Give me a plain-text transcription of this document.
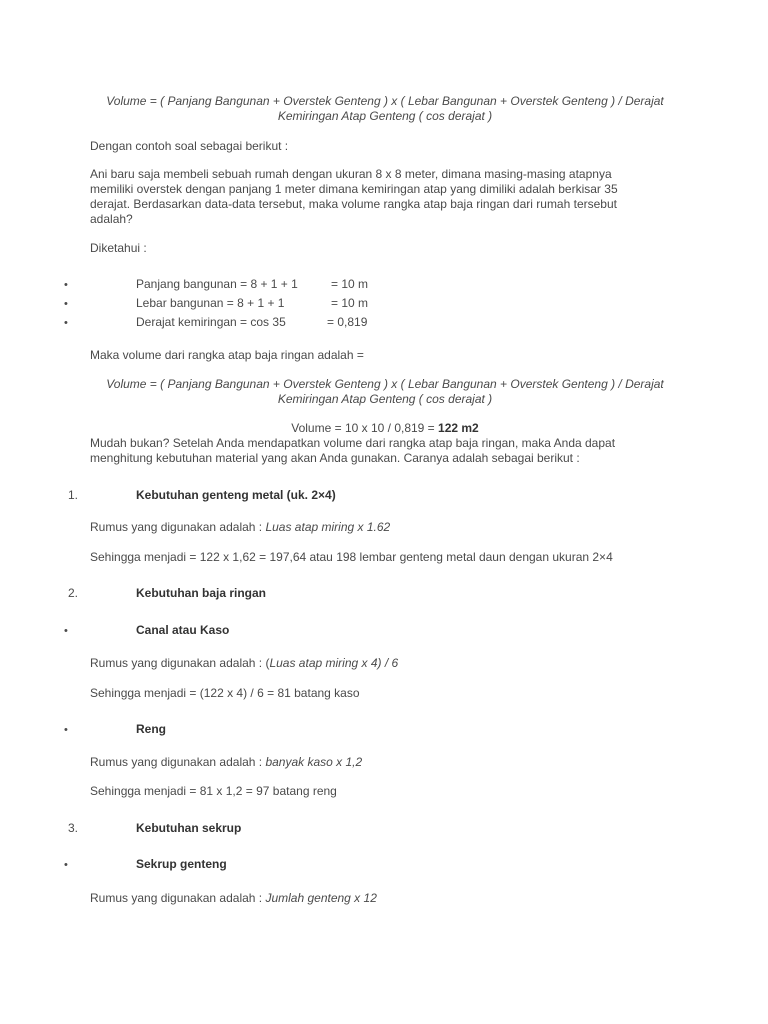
Volume = ( Panjang Bangunan + Overstek Genteng ) x ( Lebar Bangunan + Overstek Genteng ) / Derajat
Kemiringan Atap Genteng ( cos derajat )
Dengan contoh soal sebagai berikut :
Ani baru saja membeli sebuah rumah dengan ukuran 8 x 8 meter, dimana masing-masing atapnya
memiliki overstek dengan panjang 1 meter dimana kemiringan atap yang dimiliki adalah berkisar 35
derajat. Berdasarkan data-data tersebut, maka volume rangka atap baja ringan dari rumah tersebut
adalah?
Diketahui :
•	Panjang bangunan = 8 + 1 + 1	= 10 m
•	Lebar bangunan = 8 + 1 + 1	= 10 m
•	Derajat kemiringan = cos 35	= 0,819
Maka volume dari rangka atap baja ringan adalah =
Volume = ( Panjang Bangunan + Overstek Genteng ) x ( Lebar Bangunan + Overstek Genteng ) / Derajat
Kemiringan Atap Genteng ( cos derajat )
Volume = 10 x 10 / 0,819 = 122 m2
Mudah bukan? Setelah Anda mendapatkan volume dari rangka atap baja ringan, maka Anda dapat
menghitung kebutuhan material yang akan Anda gunakan. Caranya adalah sebagai berikut :
1.	Kebutuhan genteng metal (uk. 2×4)
Rumus yang digunakan adalah : Luas atap miring x 1.62
Sehingga menjadi = 122 x 1,62 = 197,64 atau 198 lembar genteng metal daun dengan ukuran 2×4
2.	Kebutuhan baja ringan
•	Canal atau Kaso
Rumus yang digunakan adalah : (Luas atap miring x 4) / 6
Sehingga menjadi = (122 x 4) / 6 = 81 batang kaso
•	Reng
Rumus yang digunakan adalah : banyak kaso x 1,2
Sehingga menjadi = 81 x 1,2 = 97 batang reng
3.	Kebutuhan sekrup
•	Sekrup genteng
Rumus yang digunakan adalah : Jumlah genteng x 12
